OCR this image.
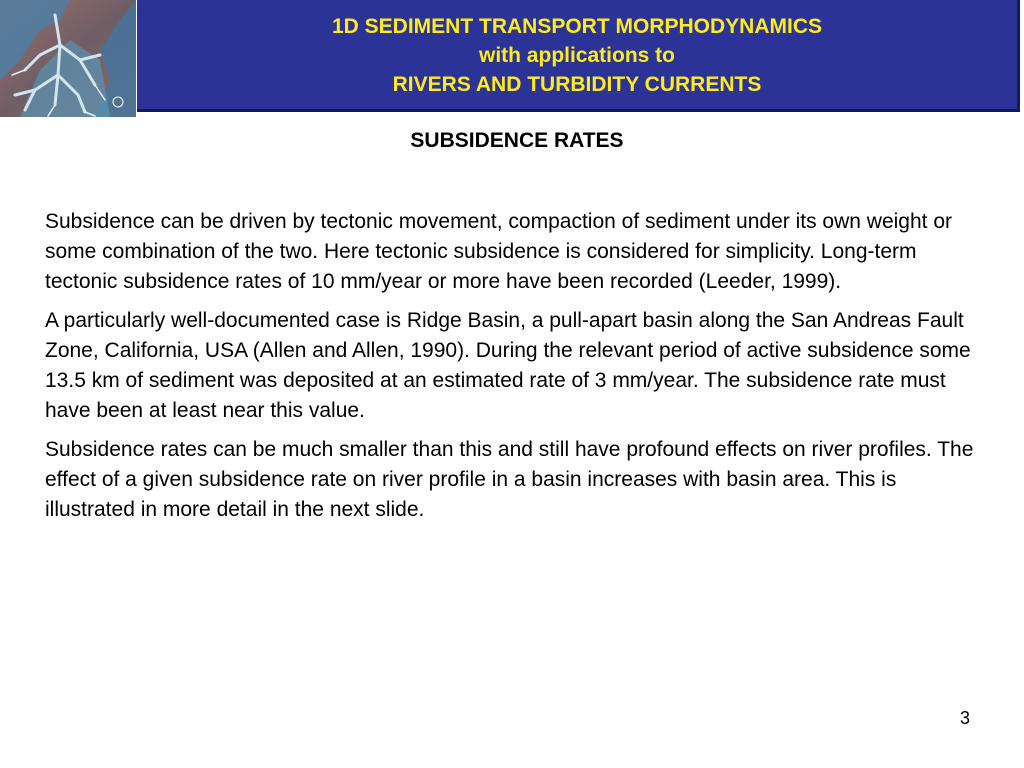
1D SEDIMENT TRANSPORT MORPHODYNAMICS
with applications to
RIVERS AND TURBIDITY CURRENTS
SUBSIDENCE RATES

Subsidence can be driven by tectonic movement, compaction of sediment under its own weight or some combination of the two. Here tectonic subsidence is considered for simplicity. Long-term tectonic subsidence rates of 10 mm/year or more have been recorded (Leeder, 1999).

A particularly well-documented case is Ridge Basin, a pull-apart basin along the San Andreas Fault Zone, California, USA (Allen and Allen, 1990). During the relevant period of active subsidence some 13.5 km of sediment was deposited at an estimated rate of 3 mm/year. The subsidence rate must have been at least near this value.

Subsidence rates can be much smaller than this and still have profound effects on river profiles. The effect of a given subsidence rate on river profile in a basin increases with basin area. This is illustrated in more detail in the next slide.

3
